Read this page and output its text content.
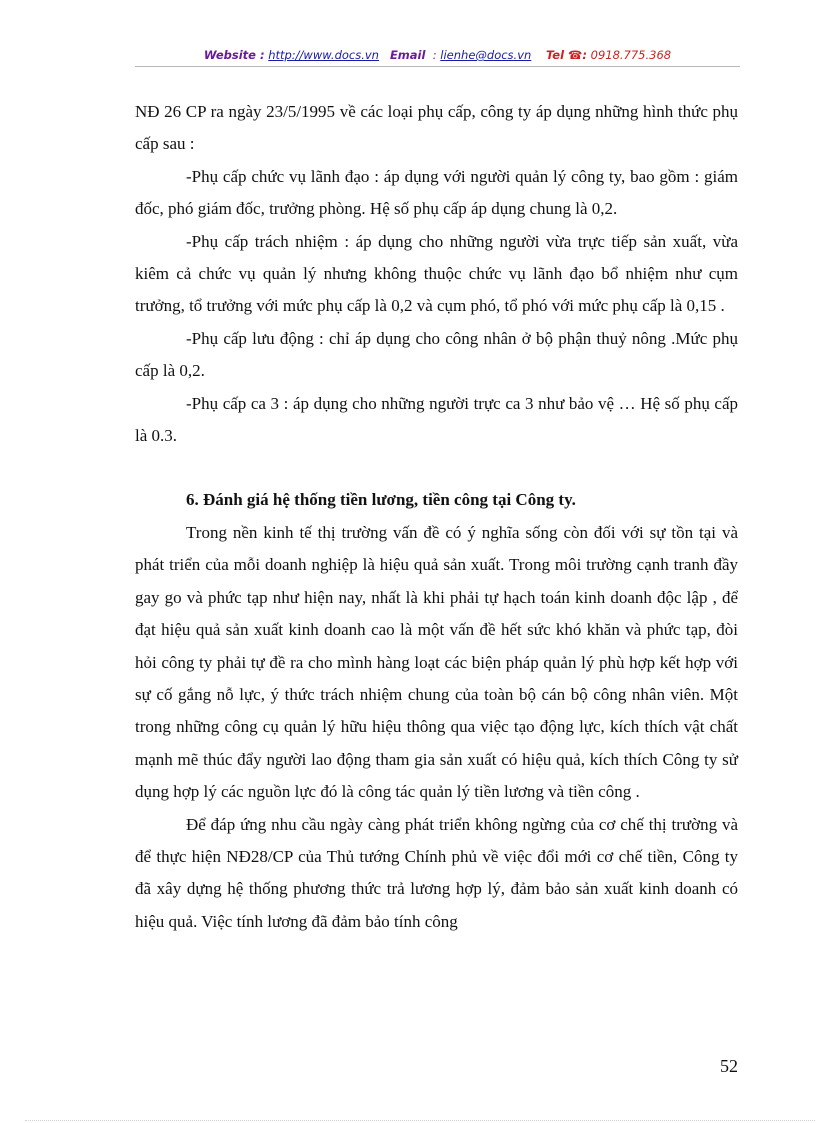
Website : http://www.docs.vn Email : lienhe@docs.vn Tel ☎: 0918.775.368

NĐ 26 CP ra ngày 23/5/1995 về các loại phụ cấp, công ty áp dụng những hình thức phụ cấp sau :

-Phụ cấp chức vụ lãnh đạo : áp dụng với người quản lý công ty, bao gồm : giám đốc, phó giám đốc, trưởng phòng. Hệ số phụ cấp áp dụng chung là 0,2.

-Phụ cấp trách nhiệm : áp dụng cho những người vừa trực tiếp sản xuất, vừa kiêm cả chức vụ quản lý nhưng không thuộc chức vụ lãnh đạo bổ nhiệm như cụm trưởng, tổ trưởng với mức phụ cấp là 0,2 và cụm phó, tổ phó với mức phụ cấp là 0,15 .

-Phụ cấp lưu động : chỉ áp dụng cho công nhân ở bộ phận thuỷ nông .Mức phụ cấp là 0,2.

-Phụ cấp ca 3 : áp dụng cho những người trực ca 3 như bảo vệ … Hệ số phụ cấp là 0.3.

6. Đánh giá hệ thống tiền lương, tiền công tại Công ty.

Trong nền kinh tế thị trường vấn đề có ý nghĩa sống còn đối với sự tồn tại và phát triển của mỗi doanh nghiệp là hiệu quả sản xuất. Trong môi trường cạnh tranh đầy gay go và phức tạp như hiện nay, nhất là khi phải tự hạch toán kinh doanh độc lập , để đạt hiệu quả sản xuất kinh doanh cao là một vấn đề hết sức khó khăn và phức tạp, đòi hỏi công ty phải tự đề ra cho mình hàng loạt các biện pháp quản lý phù hợp kết hợp với sự cố gắng nỗ lực, ý thức trách nhiệm chung của toàn bộ cán bộ công nhân viên. Một trong những công cụ quản lý hữu hiệu thông qua việc tạo động lực, kích thích vật chất mạnh mẽ thúc đẩy người lao động tham gia sản xuất có hiệu quả, kích thích Công ty sử dụng hợp lý các nguồn lực đó là công tác quản lý tiền lương và tiền công .

Để đáp ứng nhu cầu ngày càng phát triển không ngừng của cơ chế thị trường và để thực hiện NĐ28/CP của Thủ tướng Chính phủ về việc đổi mới cơ chế tiền, Công ty đã xây dựng hệ thống phương thức trả lương hợp lý, đảm bảo sản xuất kinh doanh có hiệu quả. Việc tính lương đã đảm bảo tính công

52
